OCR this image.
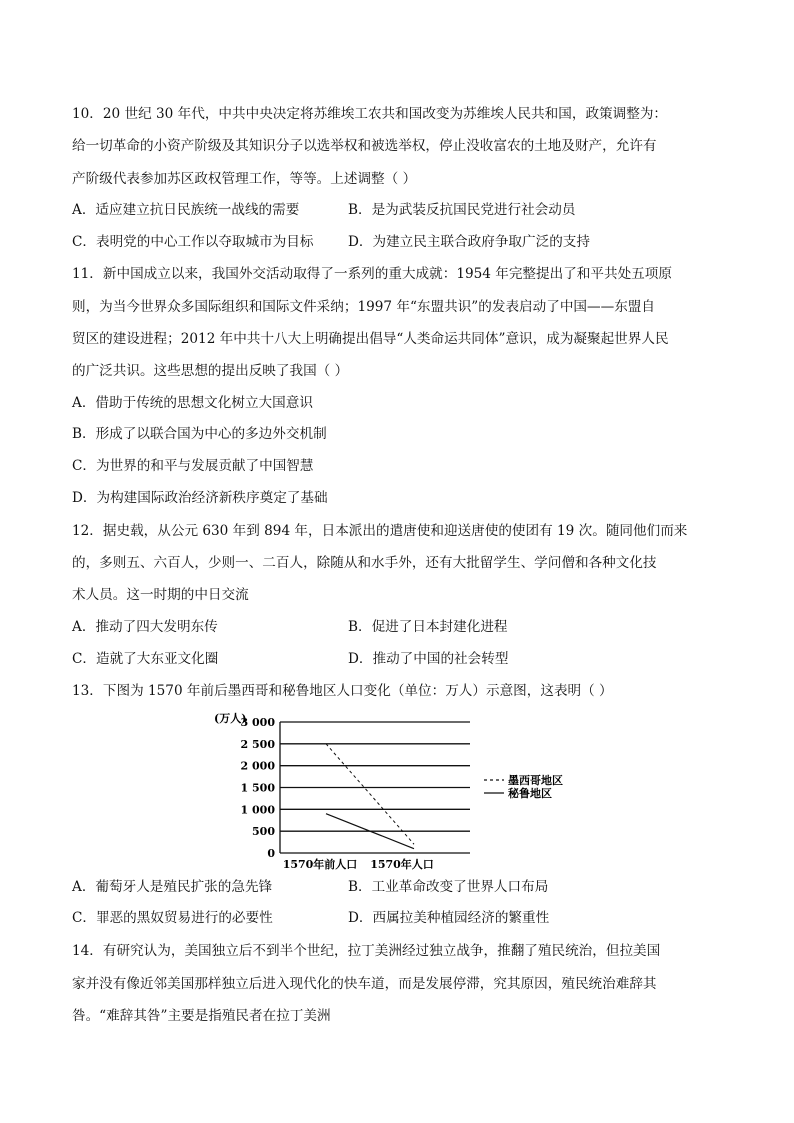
10．20 世纪 30 年代，中共中央决定将苏维埃工农共和国改变为苏维埃人民共和国，政策调整为：
给一切革命的小资产阶级及其知识分子以选举权和被选举权，停止没收富农的土地及财产，允许有
产阶级代表参加苏区政权管理工作，等等。上述调整（ ）
A．适应建立抗日民族统一战线的需要	B．是为武装反抗国民党进行社会动员
C．表明党的中心工作以夺取城市为目标	D．为建立民主联合政府争取广泛的支持
11．新中国成立以来，我国外交活动取得了一系列的重大成就：1954 年完整提出了和平共处五项原
则，为当今世界众多国际组织和国际文件采纳；1997 年“东盟共识”的发表启动了中国——东盟自
贸区的建设进程；2012 年中共十八大上明确提出倡导“人类命运共同体”意识，成为凝聚起世界人民
的广泛共识。这些思想的提出反映了我国（ ）
A．借助于传统的思想文化树立大国意识
B．形成了以联合国为中心的多边外交机制
C．为世界的和平与发展贡献了中国智慧
D．为构建国际政治经济新秩序奠定了基础
12．据史载，从公元 630 年到 894 年，日本派出的遣唐使和迎送唐使的使团有 19 次。随同他们而来
的，多则五、六百人，少则一、二百人，除随从和水手外，还有大批留学生、学问僧和各种文化技
术人员。这一时期的中日交流
A．推动了四大发明东传	B．促进了日本封建化进程
C．造就了大东亚文化圈	D．推动了中国的社会转型
13．下图为 1570 年前后墨西哥和秘鲁地区人口变化（单位：万人）示意图，这表明（ ）
0
500
1 000
1 500
2 000
2 500
3 000
(万人)
1570年前人口 1570年人口
墨西哥地区
秘鲁地区
A．葡萄牙人是殖民扩张的急先锋	B．工业革命改变了世界人口布局
C．罪恶的黑奴贸易进行的必要性	D．西属拉美种植园经济的繁重性
14．有研究认为，美国独立后不到半个世纪，拉丁美洲经过独立战争，推翻了殖民统治，但拉美国
家并没有像近邻美国那样独立后进入现代化的快车道，而是发展停滞，究其原因，殖民统治难辞其
咎。“难辞其咎”主要是指殖民者在拉丁美洲
